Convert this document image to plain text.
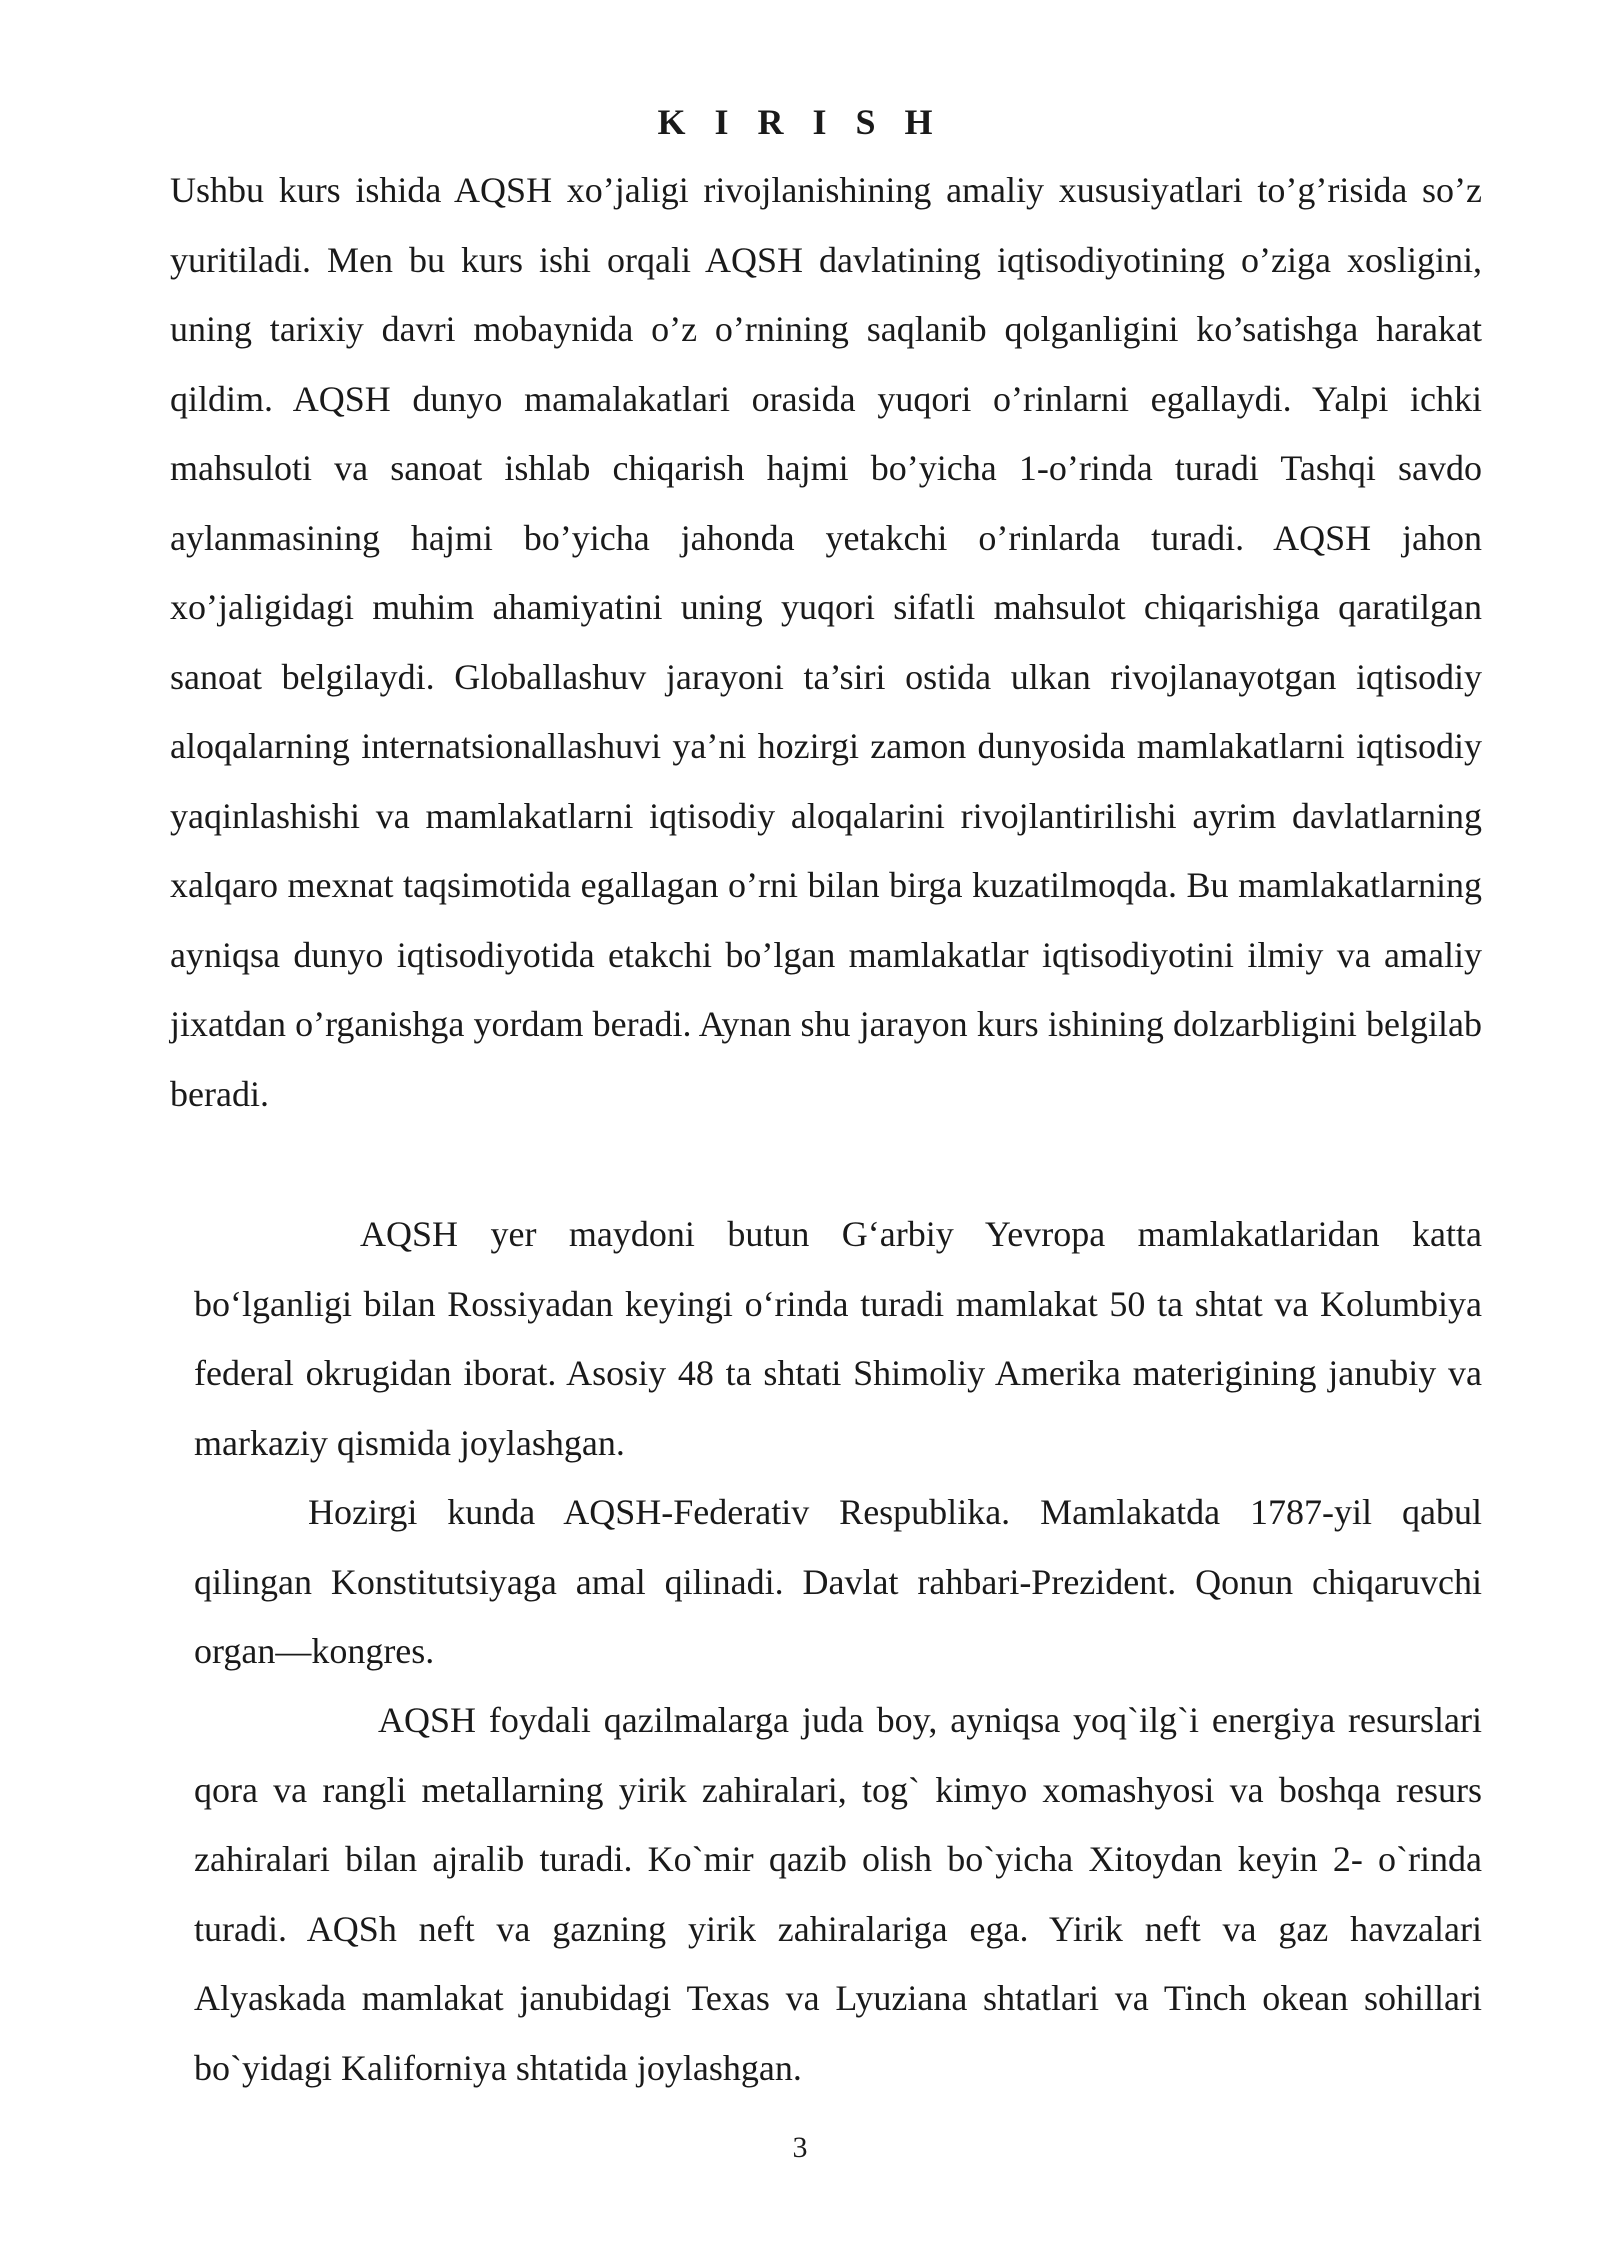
K I R I S H

Ushbu kurs ishida AQSH xo’jaligi rivojlanishining amaliy xususiyatlari to’g’risida so’z yuritiladi. Men bu kurs ishi orqali AQSH davlatining iqtisodiyotining o’ziga xosligini, uning tarixiy davri mobaynida o’z o’rnining saqlanib qolganligini ko’satishga harakat qildim. AQSH dunyo mamalakatlari orasida yuqori o’rinlarni egallaydi. Yalpi ichki mahsuloti va sanoat ishlab chiqarish hajmi bo’yicha 1-o’rinda turadi Tashqi savdo aylanmasining hajmi bo’yicha jahonda yetakchi o’rinlarda turadi. AQSH jahon xo’jaligidagi muhim ahamiyatini uning yuqori sifatli mahsulot chiqarishiga qaratilgan sanoat belgilaydi. Globallashuv jarayoni ta’siri ostida ulkan rivojlanayotgan iqtisodiy aloqalarning internatsionallashuvi ya’ni hozirgi zamon dunyosida mamlakatlarni iqtisodiy yaqinlashishi va mamlakatlarni iqtisodiy aloqalarini rivojlantirilishi ayrim davlatlarning xalqaro mexnat taqsimotida egallagan o’rni bilan birga kuzatilmoqda. Bu mamlakatlarning ayniqsa dunyo iqtisodiyotida etakchi bo’lgan mamlakatlar iqtisodiyotini ilmiy va amaliy jixatdan o’rganishga yordam beradi. Aynan shu jarayon kurs ishining dolzarbligini belgilab beradi.

AQSH yer maydoni butun G‘arbiy Yevropa mamlakatlaridan katta bo‘lganligi bilan Rossiyadan keyingi o‘rinda turadi mamlakat 50 ta shtat va Kolumbiya federal okrugidan iborat. Asosiy 48 ta shtati Shimoliy Amerika materigining janubiy va markaziy qismida joylashgan.

Hozirgi kunda AQSH-Federativ Respublika. Mamlakatda 1787-yil qabul qilingan Konstitutsiyaga amal qilinadi. Davlat rahbari-Prezident. Qonun chiqaruvchi organ—kongres.

AQSH foydali qazilmalarga juda boy, ayniqsa yoq`ilg`i energiya resurslari qora va rangli metallarning yirik zahiralari, tog` kimyo xomashyosi va boshqa resurs zahiralari bilan ajralib turadi. Ko`mir qazib olish bo`yicha Xitoydan keyin 2- o`rinda turadi. AQSh neft va gazning yirik zahiralariga ega. Yirik neft va gaz havzalari Alyaskada mamlakat janubidagi Texas va Lyuziana shtatlari va Tinch okean sohillari bo`yidagi Kaliforniya shtatida joylashgan.

3
